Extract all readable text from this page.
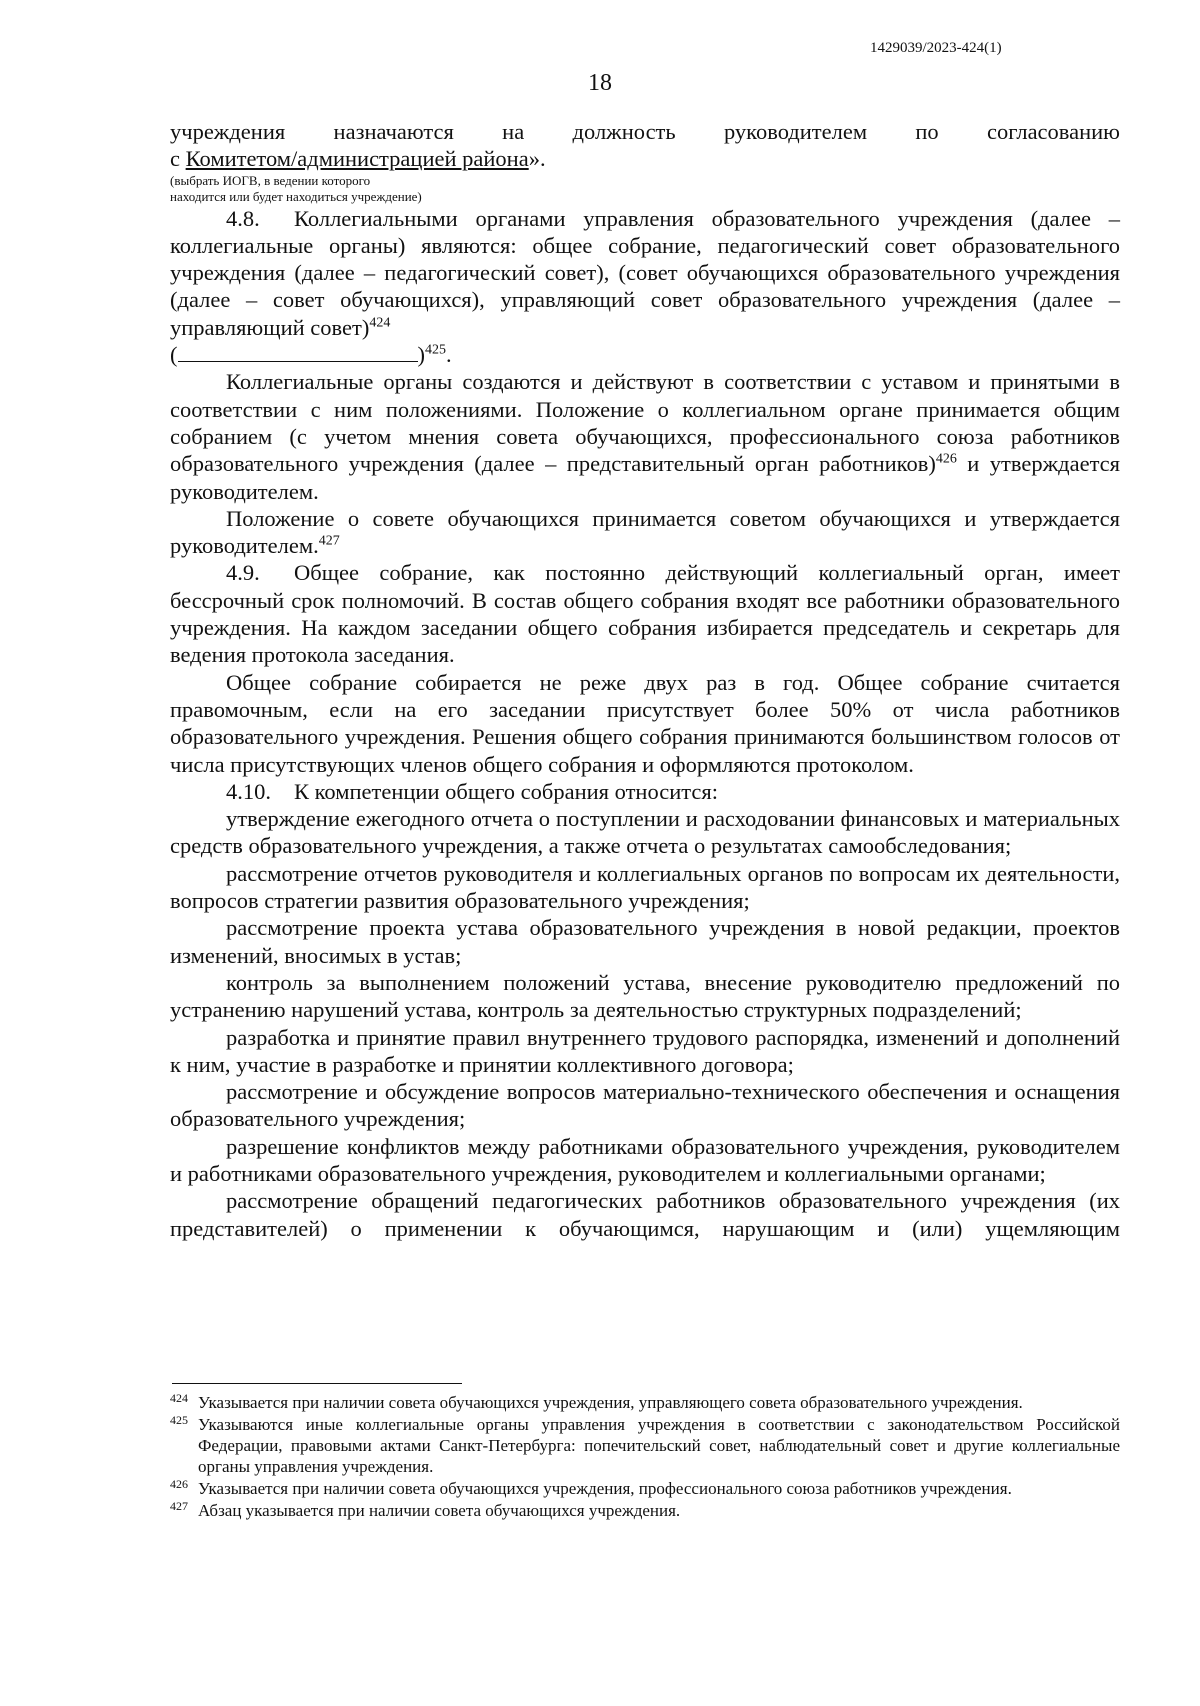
1429039/2023-424(1)
18

учреждения назначаются на должность руководителем по согласованию

с Комитетом/администрацией района».

(выбрать ИОГВ, в ведении которого
находится или будет находиться учреждение)

4.8. Коллегиальными органами управления образовательного учреждения (далее – коллегиальные органы) являются: общее собрание, педагогический совет образовательного учреждения (далее – педагогический совет), (совет обучающихся образовательного учреждения (далее – совет обучающихся), управляющий совет образовательного учреждения (далее – управляющий совет)$^{424}$
(	)$^{425}$.

Коллегиальные органы создаются и действуют в соответствии с уставом и принятыми в соответствии с ним положениями. Положение о коллегиальном органе принимается общим собранием (с учетом мнения совета обучающихся, профессионального союза работников образовательного учреждения (далее – представительный орган работников)$^{426}$ и утверждается руководителем.

Положение о совете обучающихся принимается советом обучающихся и утверждается руководителем.$^{427}$

4.9. Общее собрание, как постоянно действующий коллегиальный орган, имеет бессрочный срок полномочий. В состав общего собрания входят все работники образовательного учреждения. На каждом заседании общего собрания избирается председатель и секретарь для ведения протокола заседания.

Общее собрание собирается не реже двух раз в год. Общее собрание считается правомочным, если на его заседании присутствует более 50% от числа работников образовательного учреждения. Решения общего собрания принимаются большинством голосов от числа присутствующих членов общего собрания и оформляются протоколом.

4.10. К компетенции общего собрания относится:

утверждение ежегодного отчета о поступлении и расходовании финансовых и материальных средств образовательного учреждения, а также отчета о результатах самообследования;

рассмотрение отчетов руководителя и коллегиальных органов по вопросам их деятельности, вопросов стратегии развития образовательного учреждения;

рассмотрение проекта устава образовательного учреждения в новой редакции, проектов изменений, вносимых в устав;

контроль за выполнением положений устава, внесение руководителю предложений по устранению нарушений устава, контроль за деятельностью структурных подразделений;

разработка и принятие правил внутреннего трудового распорядка, изменений и дополнений к ним, участие в разработке и принятии коллективного договора;

рассмотрение и обсуждение вопросов материально-технического обеспечения и оснащения образовательного учреждения;

разрешение конфликтов между работниками образовательного учреждения, руководителем и работниками образовательного учреждения, руководителем и коллегиальными органами;

рассмотрение обращений педагогических работников образовательного учреждения (их представителей) о применении к обучающимся, нарушающим и (или) ущемляющим

424 Указывается при наличии совета обучающихся учреждения, управляющего совета образовательного учреждения.
425 Указываются иные коллегиальные органы управления учреждения в соответствии с законодательством Российской Федерации, правовыми актами Санкт-Петербурга: попечительский совет, наблюдательный совет и другие коллегиальные органы управления учреждения.
426 Указывается при наличии совета обучающихся учреждения, профессионального союза работников учреждения.
427 Абзац указывается при наличии совета обучающихся учреждения.
